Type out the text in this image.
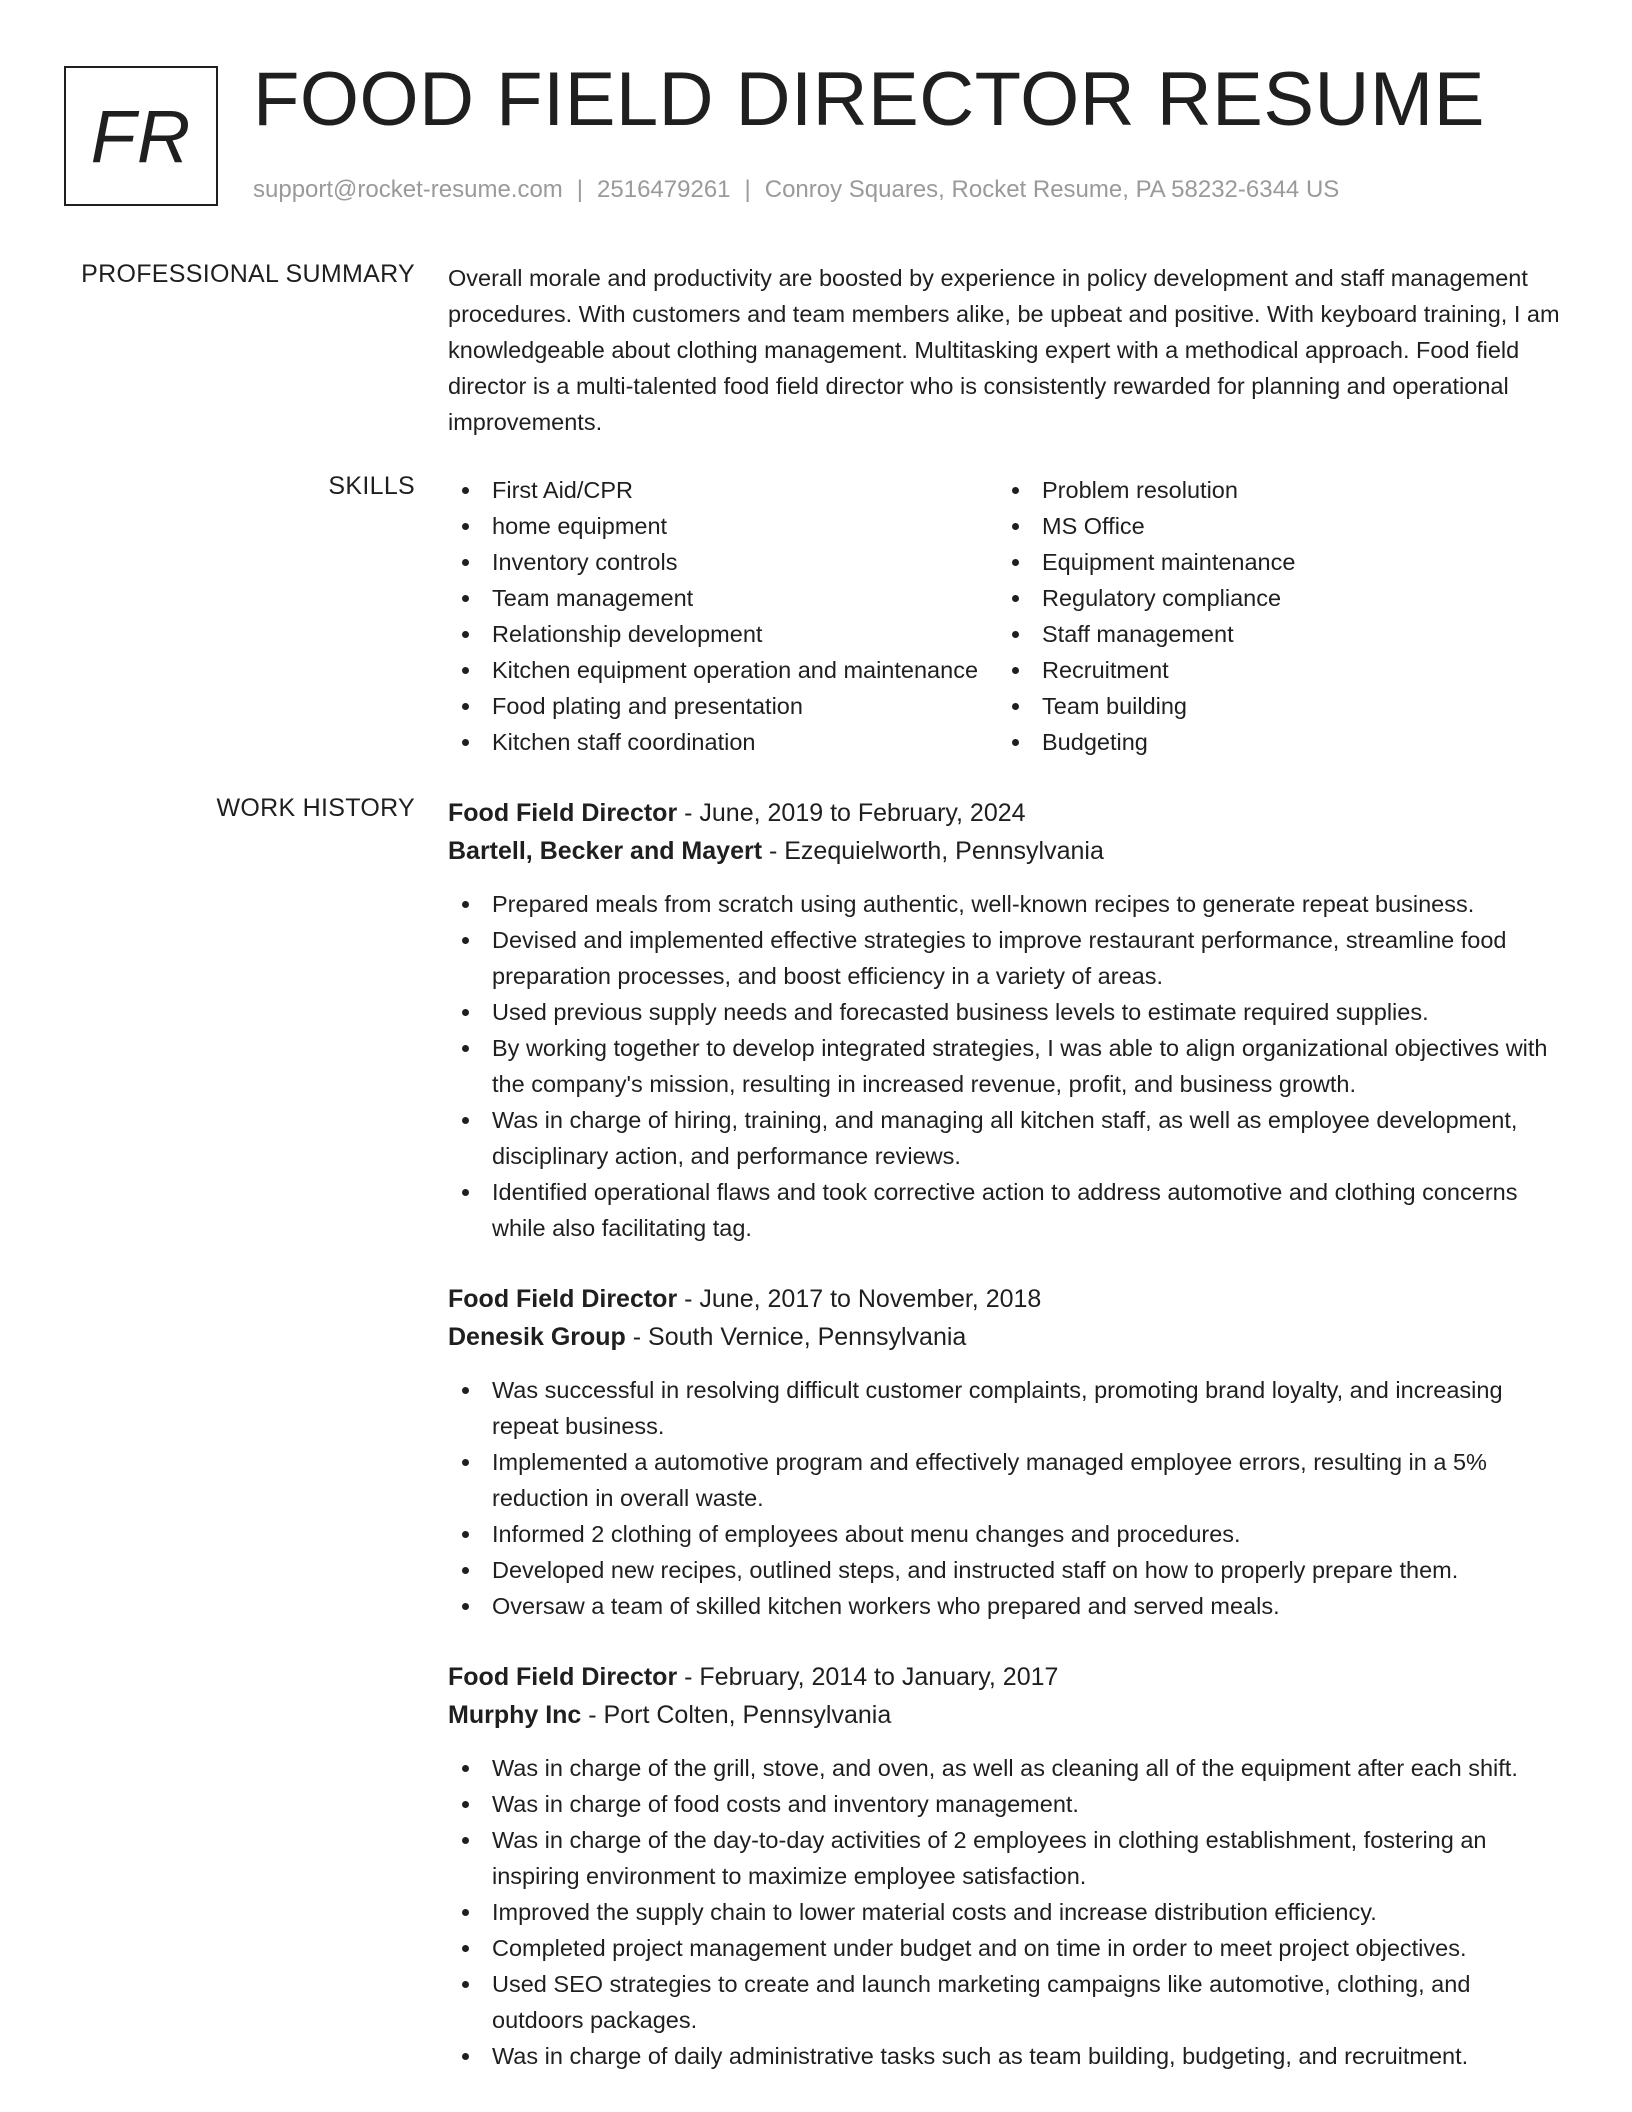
FR FOOD FIELD DIRECTOR RESUME
support@rocket-resume.com | 2516479261 | Conroy Squares, Rocket Resume, PA 58232-6344 US
PROFESSIONAL SUMMARY Overall morale and productivity are boosted by experience in policy development and staff management procedures. With customers and team members alike, be upbeat and positive. With keyboard training, I am knowledgeable about clothing management. Multitasking expert with a methodical approach. Food field director is a multi-talented food field director who is consistently rewarded for planning and operational improvements.

SKILLS	First Aid/CPR
home equipment
Inventory controls
Team management
Relationship development
Kitchen equipment operation and maintenance
Food plating and presentation
Kitchen staff coordination
Problem resolution
MS Office
Equipment maintenance
Regulatory compliance
Staff management
Recruitment
Team building
Budgeting
WORK HISTORY Food Field Director - June, 2019 to February, 2024
Bartell, Becker and Mayert - Ezequielworth, Pennsylvania
Prepared meals from scratch using authentic, well-known recipes to generate repeat business.
Devised and implemented effective strategies to improve restaurant performance, streamline food preparation processes, and boost efficiency in a variety of areas.
Used previous supply needs and forecasted business levels to estimate required supplies.
By working together to develop integrated strategies, I was able to align organizational objectives with the company's mission, resulting in increased revenue, profit, and business growth.
Was in charge of hiring, training, and managing all kitchen staff, as well as employee development, disciplinary action, and performance reviews.
Identified operational flaws and took corrective action to address automotive and clothing concerns while also facilitating tag.
Food Field Director - June, 2017 to November, 2018
Denesik Group - South Vernice, Pennsylvania
Was successful in resolving difficult customer complaints, promoting brand loyalty, and increasing repeat business.
Implemented a automotive program and effectively managed employee errors, resulting in a 5% reduction in overall waste.
Informed 2 clothing of employees about menu changes and procedures.
Developed new recipes, outlined steps, and instructed staff on how to properly prepare them.
Oversaw a team of skilled kitchen workers who prepared and served meals.
Food Field Director - February, 2014 to January, 2017
Murphy Inc - Port Colten, Pennsylvania
Was in charge of the grill, stove, and oven, as well as cleaning all of the equipment after each shift.
Was in charge of food costs and inventory management.
Was in charge of the day-to-day activities of 2 employees in clothing establishment, fostering an inspiring environment to maximize employee satisfaction.
Improved the supply chain to lower material costs and increase distribution efficiency.
Completed project management under budget and on time in order to meet project objectives.
Used SEO strategies to create and launch marketing campaigns like automotive, clothing, and outdoors packages.
Was in charge of daily administrative tasks such as team building, budgeting, and recruitment.
